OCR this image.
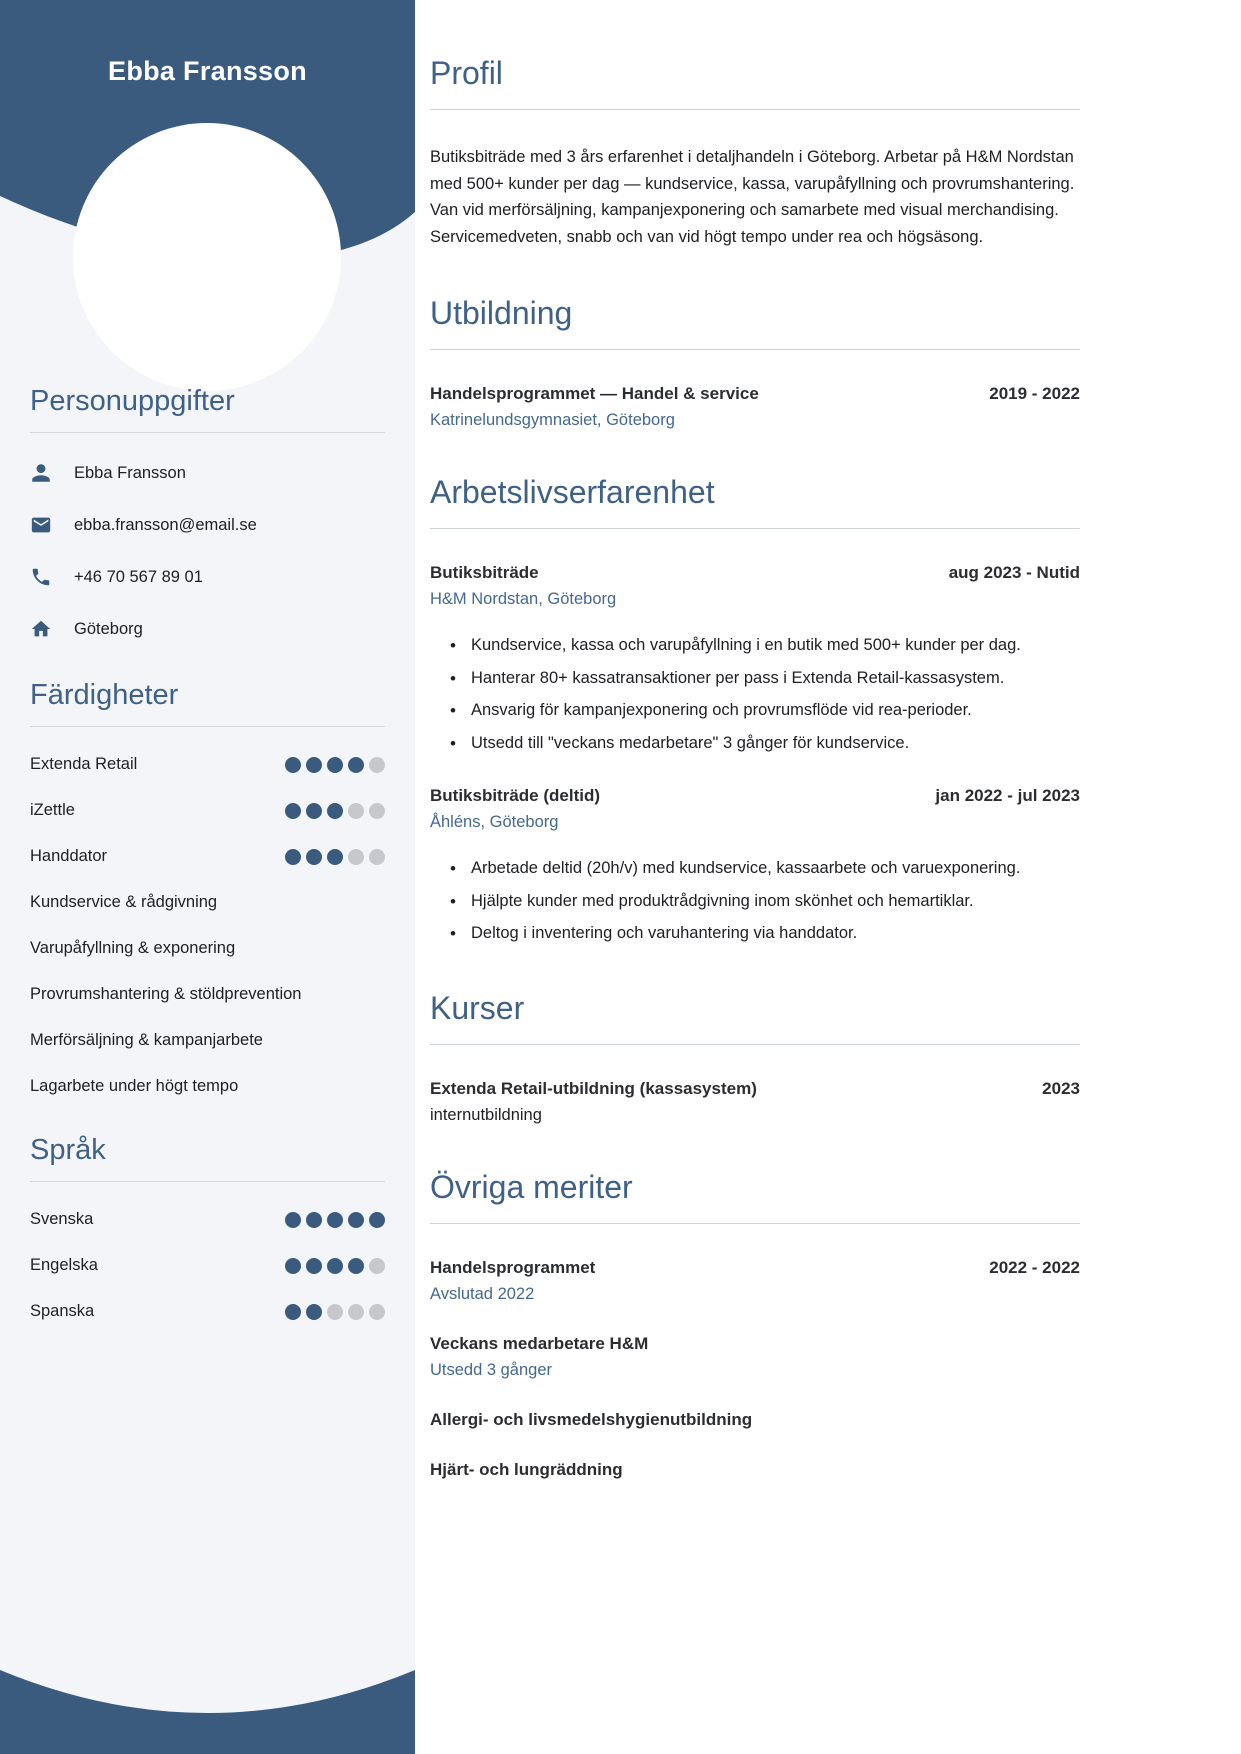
Ebba Fransson
Personuppgifter
Ebba Fransson
ebba.fransson@email.se
+46 70 567 89 01
Göteborg
Färdigheter
Extenda Retail
iZettle
Handdator
Kundservice & rådgivning
Varupåfyllning & exponering
Provrumshantering & stöldprevention
Merförsäljning & kampanjarbete
Lagarbete under högt tempo
Språk
Svenska
Engelska
Spanska
Profil

Butiksbiträde med 3 års erfarenhet i detaljhandeln i Göteborg. Arbetar på H&M Nordstan med 500+ kunder per dag — kundservice, kassa, varupåfyllning och provrumshantering. Van vid merförsäljning, kampanjexponering och samarbete med visual merchandising. Servicemedveten, snabb och van vid högt tempo under rea och högsäsong.

Utbildning
Handelsprogrammet — Handel & service	2019 - 2022
Katrinelundsgymnasiet, Göteborg
Arbetslivserfarenhet
Butiksbiträde	aug 2023 - Nutid
H&M Nordstan, Göteborg
• Kundservice, kassa och varupåfyllning i en butik med 500+ kunder per dag.
• Hanterar 80+ kassatransaktioner per pass i Extenda Retail-kassasystem.
• Ansvarig för kampanjexponering och provrumsflöde vid rea-perioder.
• Utsedd till "veckans medarbetare" 3 gånger för kundservice.
Butiksbiträde (deltid)	jan 2022 - jul 2023
Åhléns, Göteborg
• Arbetade deltid (20h/v) med kundservice, kassaarbete och varuexponering.
• Hjälpte kunder med produktrådgivning inom skönhet och hemartiklar.
• Deltog i inventering och varuhantering via handdator.
Kurser
Extenda Retail-utbildning (kassasystem)	2023
internutbildning
Övriga meriter
Handelsprogrammet	2022 - 2022
Avslutad 2022
Veckans medarbetare H&M
Utsedd 3 gånger
Allergi- och livsmedelshygienutbildning
Hjärt- och lungräddning
